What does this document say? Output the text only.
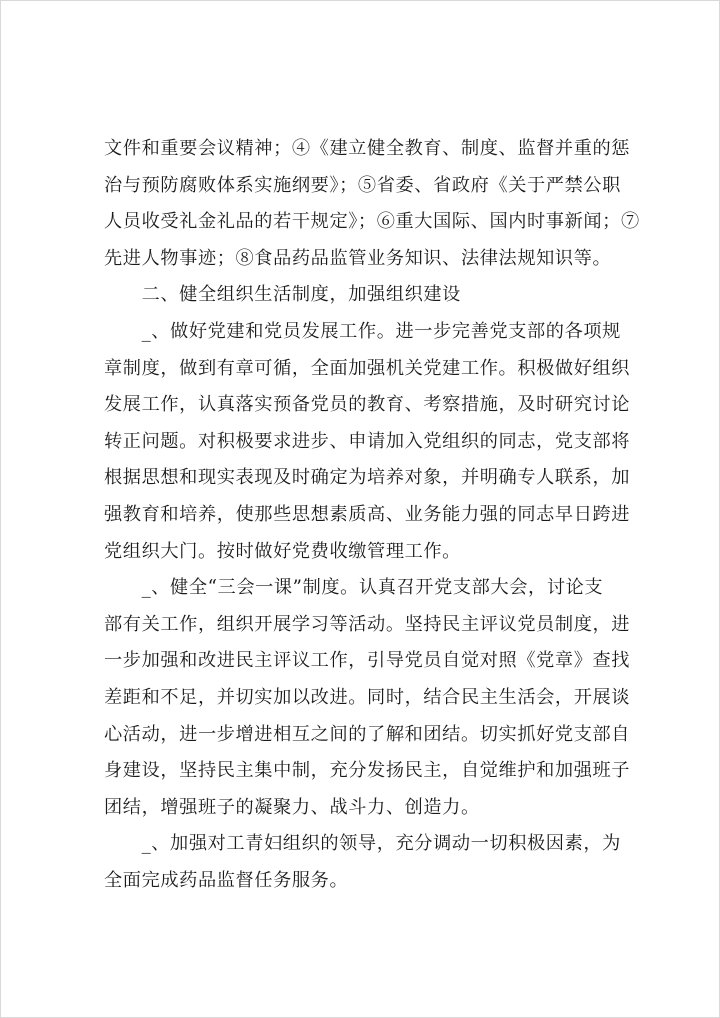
文件和重要会议精神；④《建立健全教育、制度、监督并重的惩
治与预防腐败体系实施纲要》；⑤省委、省政府《关于严禁公职
人员收受礼金礼品的若干规定》；⑥重大国际、国内时事新闻；⑦
先进人物事迹；⑧食品药品监管业务知识、法律法规知识等。
　　二、健全组织生活制度，加强组织建设
　　_、做好党建和党员发展工作。进一步完善党支部的各项规
章制度，做到有章可循，全面加强机关党建工作。积极做好组织
发展工作，认真落实预备党员的教育、考察措施，及时研究讨论
转正问题。对积极要求进步、申请加入党组织的同志，党支部将
根据思想和现实表现及时确定为培养对象，并明确专人联系，加
强教育和培养，使那些思想素质高、业务能力强的同志早日跨进
党组织大门。按时做好党费收缴管理工作。
　　_、健全“三会一课”制度。认真召开党支部大会，讨论支
部有关工作，组织开展学习等活动。坚持民主评议党员制度，进
一步加强和改进民主评议工作，引导党员自觉对照《党章》查找
差距和不足，并切实加以改进。同时，结合民主生活会，开展谈
心活动，进一步增进相互之间的了解和团结。切实抓好党支部自
身建设，坚持民主集中制，充分发扬民主，自觉维护和加强班子
团结，增强班子的凝聚力、战斗力、创造力。
　　_、加强对工青妇组织的领导，充分调动一切积极因素，为
全面完成药品监督任务服务。
